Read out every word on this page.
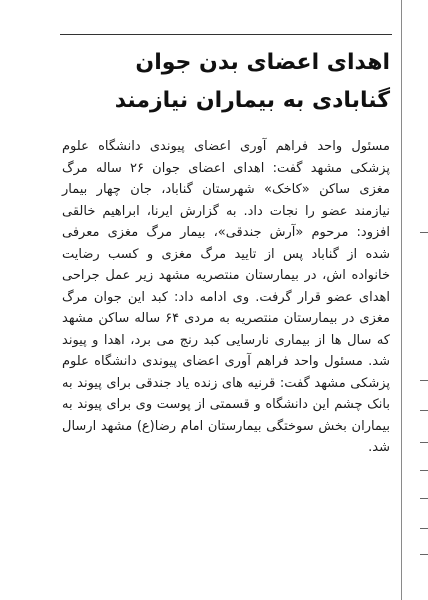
اهدای اعضای بدن جوان گنابادی به بیماران نیازمند

مسئول واحد فراهم آوری اعضای پیوندی دانشگاه علوم پزشکی مشهد گفت: اهدای اعضای جوان ۲۶ ساله مرگ مغزی ساکن «کاخک» شهرستان گناباد، جان چهار بیمار نیازمند عضو را نجات داد. به گزارش ایرنا، ابراهیم خالقی افزود: مرحوم «آرش جندقی»، بیمار مرگ مغزی معرفی شده از گناباد پس از تایید مرگ مغزی و کسب رضایت خانواده اش، در بیمارستان منتصریه مشهد زیر عمل جراحی اهدای عضو قرار گرفت. وی ادامه داد: کبد این جوان مرگ مغزی در بیمارستان منتصریه به مردی ۶۴ ساله ساکن مشهد که سال ها از بیماری نارسایی کبد رنج می برد، اهدا و پیوند شد. مسئول واحد فراهم آوری اعضای پیوندی دانشگاه علوم پزشکی مشهد گفت: قرنیه های زنده یاد جندقی برای پیوند به بانک چشم این دانشگاه و قسمتی از پوست وی برای پیوند به بیماران بخش سوختگی بیمارستان امام رضا(ع) مشهد ارسال شد.
